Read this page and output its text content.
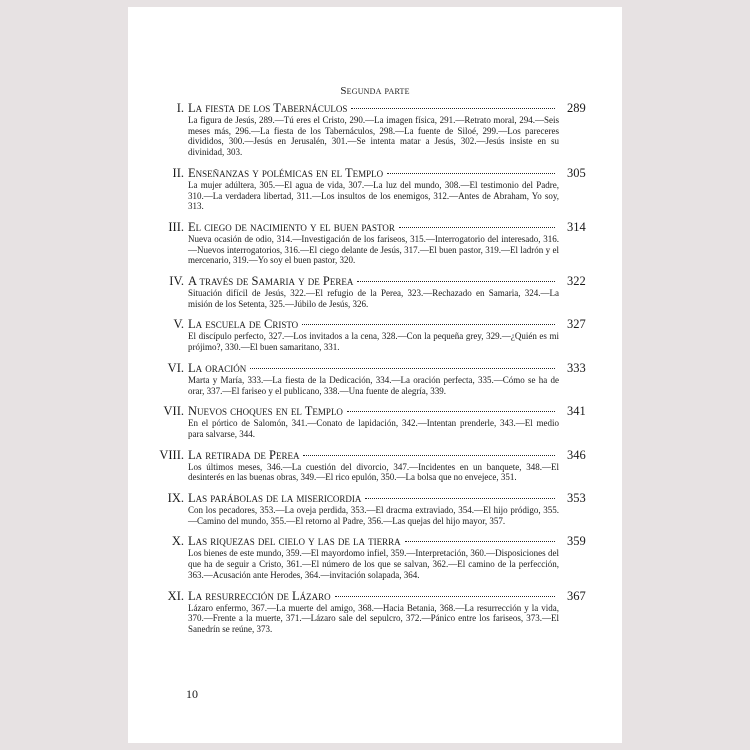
Segunda parte
I. La fiesta de los Tabernáculos	289
La figura de Jesús, 289.—Tú eres el Cristo, 290.—La imagen física, 291.—Retrato moral, 294.—Seis meses más, 296.—La fiesta de los Tabernáculos, 298.—La fuente de Siloé, 299.—Los pareceres divididos, 300.—Jesús en Jerusalén, 301.—Se intenta matar a Jesús, 302.—Jesús insiste en su divinidad, 303.
II. Enseñanzas y polémicas en el Templo	305
La mujer adúltera, 305.—El agua de vida, 307.—La luz del mundo, 308.—El testimonio del Padre, 310.—La verdadera libertad, 311.—Los insultos de los enemigos, 312.—Antes de Abraham, Yo soy, 313.
III. El ciego de nacimiento y el buen pastor	314
Nueva ocasión de odio, 314.—Investigación de los fariseos, 315.—Interrogatorio del interesado, 316.—Nuevos interrogatorios, 316.—El ciego delante de Jesús, 317.—El buen pastor, 319.—El ladrón y el mercenario, 319.—Yo soy el buen pastor, 320.
IV. A través de Samaria y de Perea	322
Situación difícil de Jesús, 322.—El refugio de la Perea, 323.—Rechazado en Samaria, 324.—La misión de los Setenta, 325.—Júbilo de Jesús, 326.
V. La escuela de Cristo	327
El discípulo perfecto, 327.—Los invitados a la cena, 328.—Con la pequeña grey, 329.—¿Quién es mi prójimo?, 330.—El buen samaritano, 331.
VI. La oración	333
Marta y María, 333.—La fiesta de la Dedicación, 334.—La oración perfecta, 335.—Cómo se ha de orar, 337.—El fariseo y el publicano, 338.—Una fuente de alegría, 339.
VII. Nuevos choques en el Templo	341
En el pórtico de Salomón, 341.—Conato de lapidación, 342.—Intentan prenderle, 343.—El medio para salvarse, 344.
VIII. La retirada de Perea	346
Los últimos meses, 346.—La cuestión del divorcio, 347.—Incidentes en un banquete, 348.—El desinterés en las buenas obras, 349.—El rico epulón, 350.—La bolsa que no envejece, 351.
IX. Las parábolas de la misericordia	353
Con los pecadores, 353.—La oveja perdida, 353.—El dracma extraviado, 354.—El hijo pródigo, 355.—Camino del mundo, 355.—El retorno al Padre, 356.—Las quejas del hijo mayor, 357.
X. Las riquezas del cielo y las de la tierra	359
Los bienes de este mundo, 359.—El mayordomo infiel, 359.—Interpretación, 360.—Disposiciones del que ha de seguir a Cristo, 361.—El número de los que se salvan, 362.—El camino de la perfección, 363.—Acusación ante Herodes, 364.—invitación solapada, 364.
XI. La resurrección de Lázaro	367
Lázaro enfermo, 367.—La muerte del amigo, 368.—Hacia Betania, 368.—La resurrección y la vida, 370.—Frente a la muerte, 371.—Lázaro sale del sepulcro, 372.—Pánico entre los fariseos, 373.—El Sanedrín se reúne, 373.
10
